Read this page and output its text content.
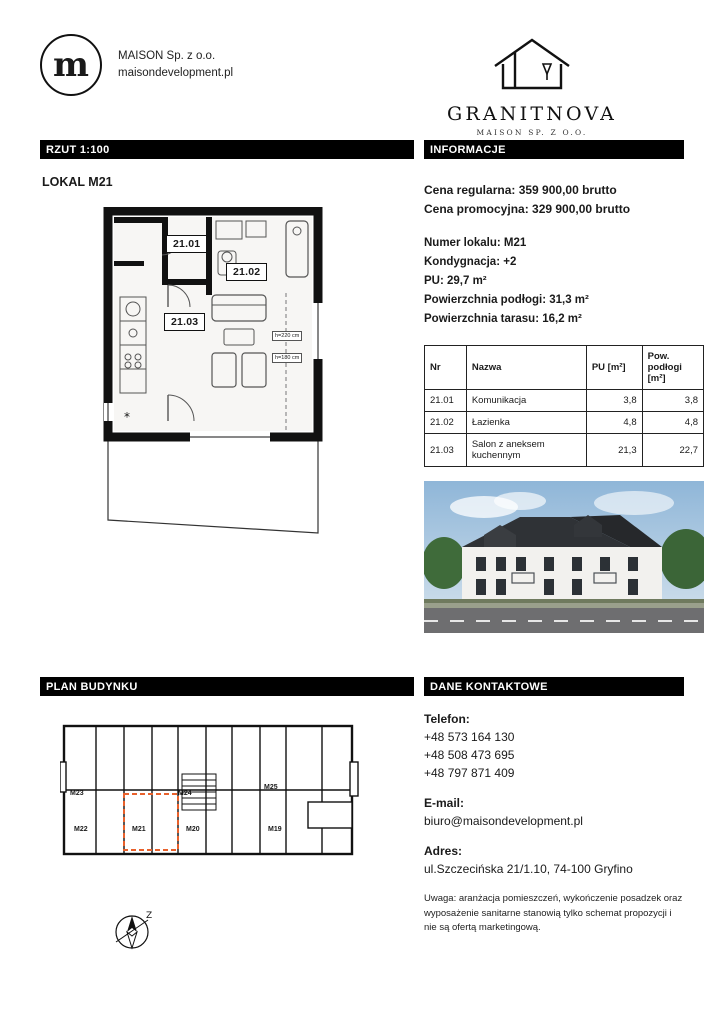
m	MAISON Sp. z o.o.
maisondevelopment.pl
GRANITNOVA
MAISON SP. Z O.O.
RZUT 1:100	INFORMACJE
LOKAL M21
*
21.01
21.02
21.03
h=220 cm
h=180 cm
Cena regularna: 359 900,00 brutto
Cena promocyjna: 329 900,00 brutto
Numer lokalu: M21
Kondygnacja: +2
PU: 29,7 m²
Powierzchnia podłogi: 31,3 m²
Powierzchnia tarasu: 16,2 m²
Nr	Nazwa	PU [m²]	Pow. podłogi [m²]
21.01	Komunikacja	3,8	3,8
21.02	Łazienka	4,8	4,8
21.03	Salon z aneksem kuchennym	21,3	22,7
PLAN BUDYNKU	DANE KONTAKTOWE
M23	M24
M25
M22	M21	M20	M19
Z
Telefon:

+48 573 164 130
+48 508 473 695
+48 797 871 409

E-mail:

biuro@maisondevelopment.pl

Adres:

ul.Szczecińska 21/1.10, 74-100 Gryfino

Uwaga: aranżacja pomieszczeń, wykończenie posadzek oraz wyposażenie sanitarne stanowią tylko schemat propozycji i nie są ofertą marketingową.
